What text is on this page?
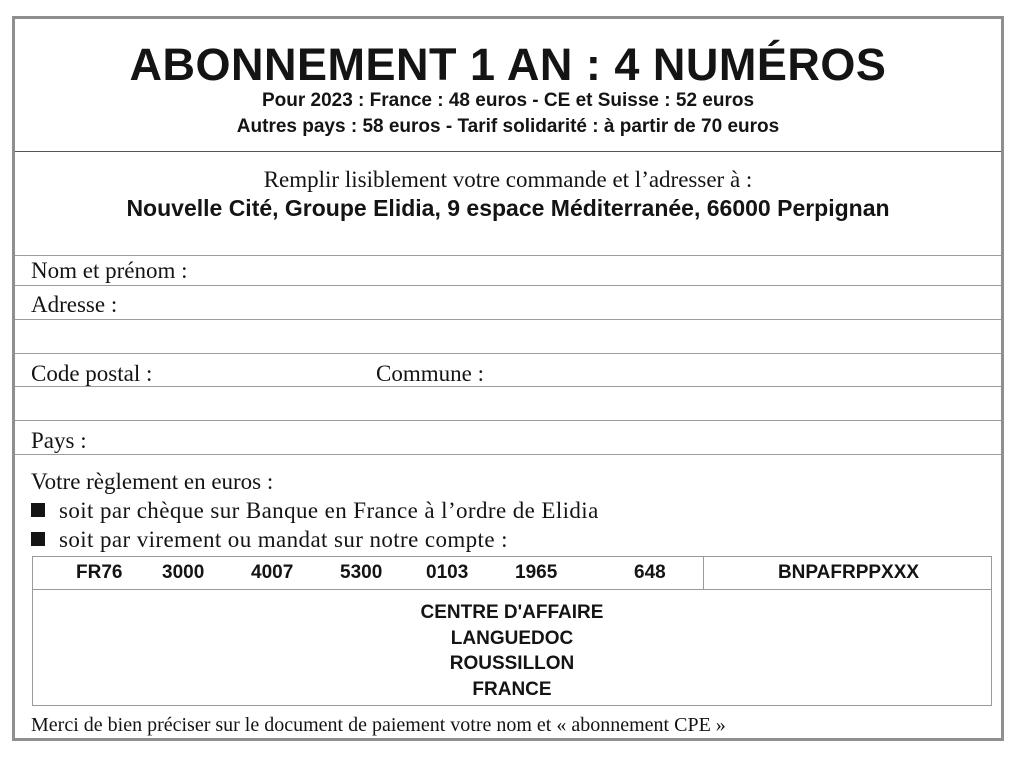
ABONNEMENT 1 AN : 4 NUMÉROS
Pour 2023 : France : 48 euros - CE et Suisse : 52 euros
Autres pays : 58 euros - Tarif solidarité : à partir de 70 euros
Remplir lisiblement votre commande et l’adresser à :
Nouvelle Cité, Groupe Elidia, 9 espace Méditerranée, 66000 Perpignan
Nom et prénom :
Adresse :
Code postal :	Commune :
Pays :
Votre règlement en euros :
soit par chèque sur Banque en France à l’ordre de Elidia
soit par virement ou mandat sur notre compte :
FR76 3000 4007 5300 0103 1965	648	BNPAFRPPXXX
CENTRE D'AFFAIRE
LANGUEDOC
ROUSSILLON
FRANCE
Merci de bien préciser sur le document de paiement votre nom et « abonnement CPE »
